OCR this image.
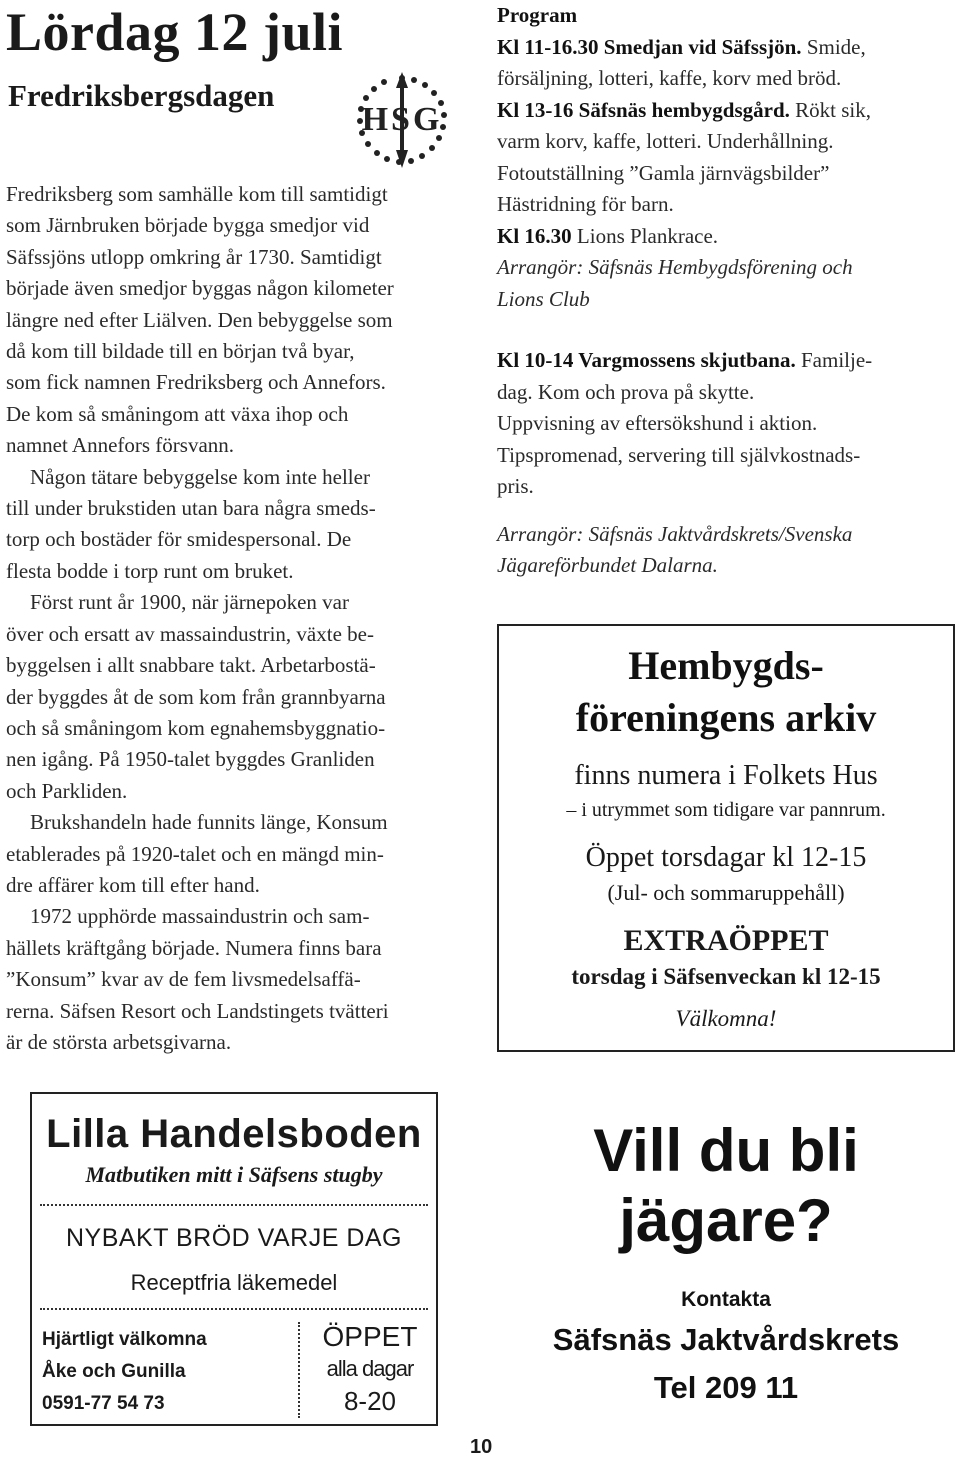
Lördag 12 juli
Fredriksbergsdagen
HSG

Fredriksberg som samhälle kom till samtidigt
som Järnbruken började bygga smedjor vid
Säfssjöns utlopp omkring år 1730. Samtidigt
började även smedjor byggas någon kilometer
längre ned efter Liälven. Den bebyggelse som
då kom till bildade till en början två byar,
som fick namnen Fredriksberg och Annefors.
De kom så småningom att växa ihop och
namnet Annefors försvann.

Någon tätare bebyggelse kom inte heller
till under brukstiden utan bara några smeds-
torp och bostäder för smidespersonal. De
flesta bodde i torp runt om bruket.

Först runt år 1900, när järnepoken var
över och ersatt av massaindustrin, växte be-
byggelsen i allt snabbare takt. Arbetarbostä-
der byggdes åt de som kom från grannbyarna
och så småningom kom egnahemsbyggnatio-
nen igång. På 1950-talet byggdes Granliden
och Parkliden.

Brukshandeln hade funnits länge, Konsum
etablerades på 1920-talet och en mängd min-
dre affärer kom till efter hand.

1972 upphörde massaindustrin och sam-
hällets kräftgång började. Numera finns bara
”Konsum” kvar av de fem livsmedelsaffä-
rerna. Säfsen Resort och Landstingets tvätteri
är de största arbetsgivarna.

Program
Kl 11-16.30 Smedjan vid Säfssjön. Smide,
försäljning, lotteri, kaffe, korv med bröd.
Kl 13-16 Säfsnäs hembygdsgård. Rökt sik,
varm korv, kaffe, lotteri. Underhållning.
Fotoutställning ”Gamla järnvägsbilder”
Hästridning för barn.
Kl 16.30 Lions Plankrace.
Arrangör: Säfsnäs Hembygdsförening och
Lions Club
Kl 10-14 Vargmossens skjutbana. Familje-
dag. Kom och prova på skytte.
Uppvisning av eftersökshund i aktion.
Tipspromenad, servering till självkostnads-
pris.
Arrangör: Säfsnäs Jaktvårdskrets/Svenska
Jägareförbundet Dalarna.
Hembygds-
föreningens arkiv
finns numera i Folkets Hus
– i utrymmet som tidigare var pannrum.
Öppet torsdagar kl 12-15
(Jul- och sommaruppehåll)
EXTRAÖPPET
torsdag i Säfsenveckan kl 12-15
Välkomna!
Lilla Handelsboden
Matbutiken mitt i Säfsens stugby
NYBAKT BRÖD VARJE DAG
Receptfria läkemedel
Hjärtligt välkomna
Åke och Gunilla
0591-77 54 73
ÖPPET
alla dagar
8-20
Vill du bli
jägare?
Kontakta
Säfsnäs Jaktvårdskrets
Tel 209 11
10
